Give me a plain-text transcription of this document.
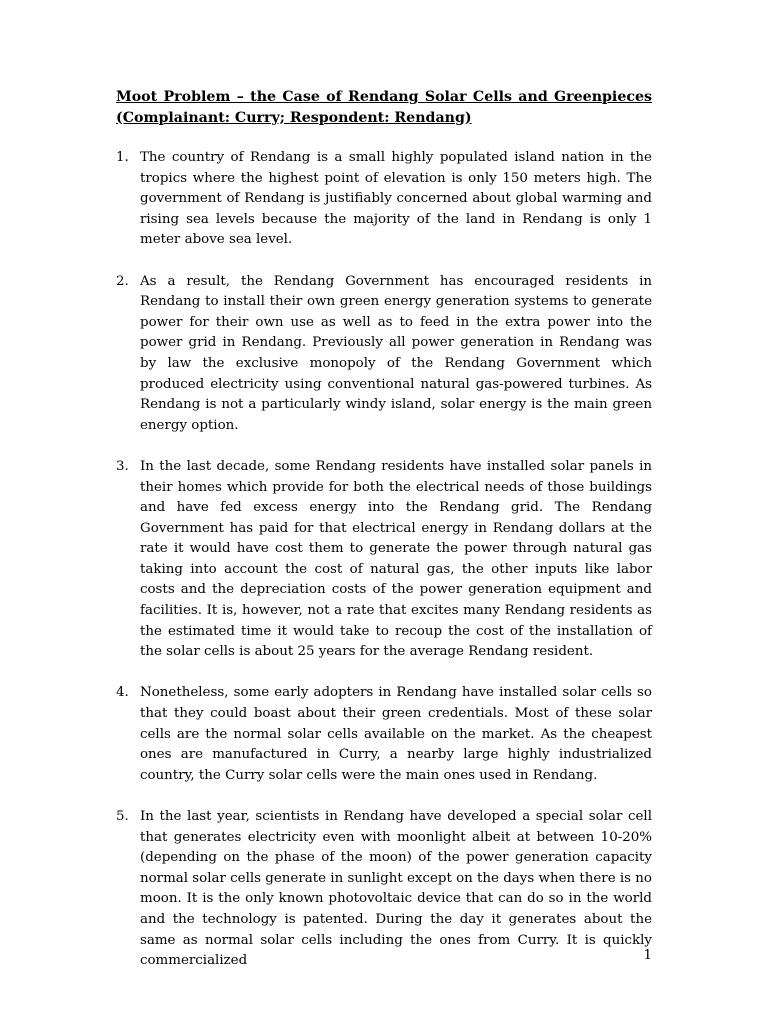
Moot Problem – the Case of Rendang Solar Cells and Greenpieces
(Complainant: Curry; Respondent: Rendang)
1. The country of Rendang is a small highly populated island nation in the tropics where the highest point of elevation is only 150 meters high. The government of Rendang is justifiably concerned about global warming and rising sea levels because the majority of the land in Rendang is only 1 meter above sea level.
2. As a result, the Rendang Government has encouraged residents in Rendang to install their own green energy generation systems to generate power for their own use as well as to feed in the extra power into the power grid in Rendang. Previously all power generation in Rendang was by law the exclusive monopoly of the Rendang Government which produced electricity using conventional natural gas-powered turbines. As Rendang is not a particularly windy island, solar energy is the main green energy option.
3. In the last decade, some Rendang residents have installed solar panels in their homes which provide for both the electrical needs of those buildings and have fed excess energy into the Rendang grid. The Rendang Government has paid for that electrical energy in Rendang dollars at the rate it would have cost them to generate the power through natural gas taking into account the cost of natural gas, the other inputs like labor costs and the depreciation costs of the power generation equipment and facilities. It is, however, not a rate that excites many Rendang residents as the estimated time it would take to recoup the cost of the installation of the solar cells is about 25 years for the average Rendang resident.
4. Nonetheless, some early adopters in Rendang have installed solar cells so that they could boast about their green credentials. Most of these solar cells are the normal solar cells available on the market. As the cheapest ones are manufactured in Curry, a nearby large highly industrialized country, the Curry solar cells were the main ones used in Rendang.
5. In the last year, scientists in Rendang have developed a special solar cell that generates electricity even with moonlight albeit at between 10-20% (depending on the phase of the moon) of the power generation capacity normal solar cells generate in sunlight except on the days when there is no moon. It is the only known photovoltaic device that can do so in the world and the technology is patented. During the day it generates about the same as normal solar cells including the ones from Curry. It is quickly commercialized	1
